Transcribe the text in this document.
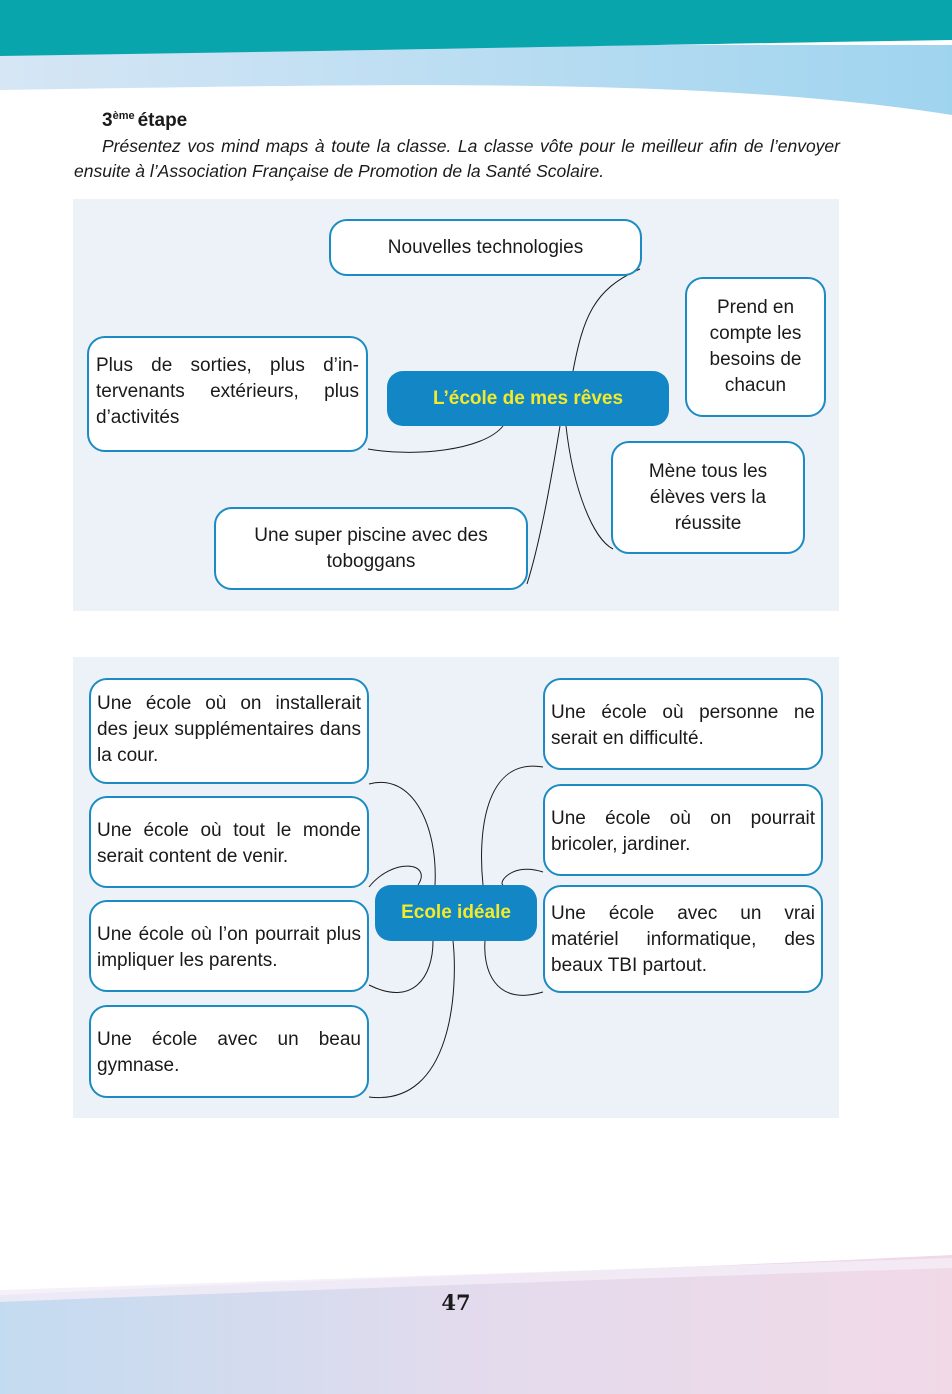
3ème étape
Présentez vos mind maps à toute la classe. La classe vôte pour le meilleur afin de l’envoyer ensuite à l’Association Française de Promotion de la Santé Scolaire.
Nouvelles technologies
Prend en compte les besoins de chacun
Plus de sorties, plus d’in-
tervenants extérieurs, plus
d’activités
L’école de mes rêves
Mène tous les élèves vers la réussite
Une super piscine avec des toboggans
Une école où on installerait des jeux supplémentaires dans la cour.
Une école où tout le monde serait content de venir.
Une école où l’on pourrait plus impliquer les parents.
Une école avec un beau gymnase.
Ecole idéale
Une école où personne ne serait en difficulté.
Une école où on pourrait bricoler, jardiner.
Une école avec un vrai matériel informatique, des beaux TBI partout.
47
